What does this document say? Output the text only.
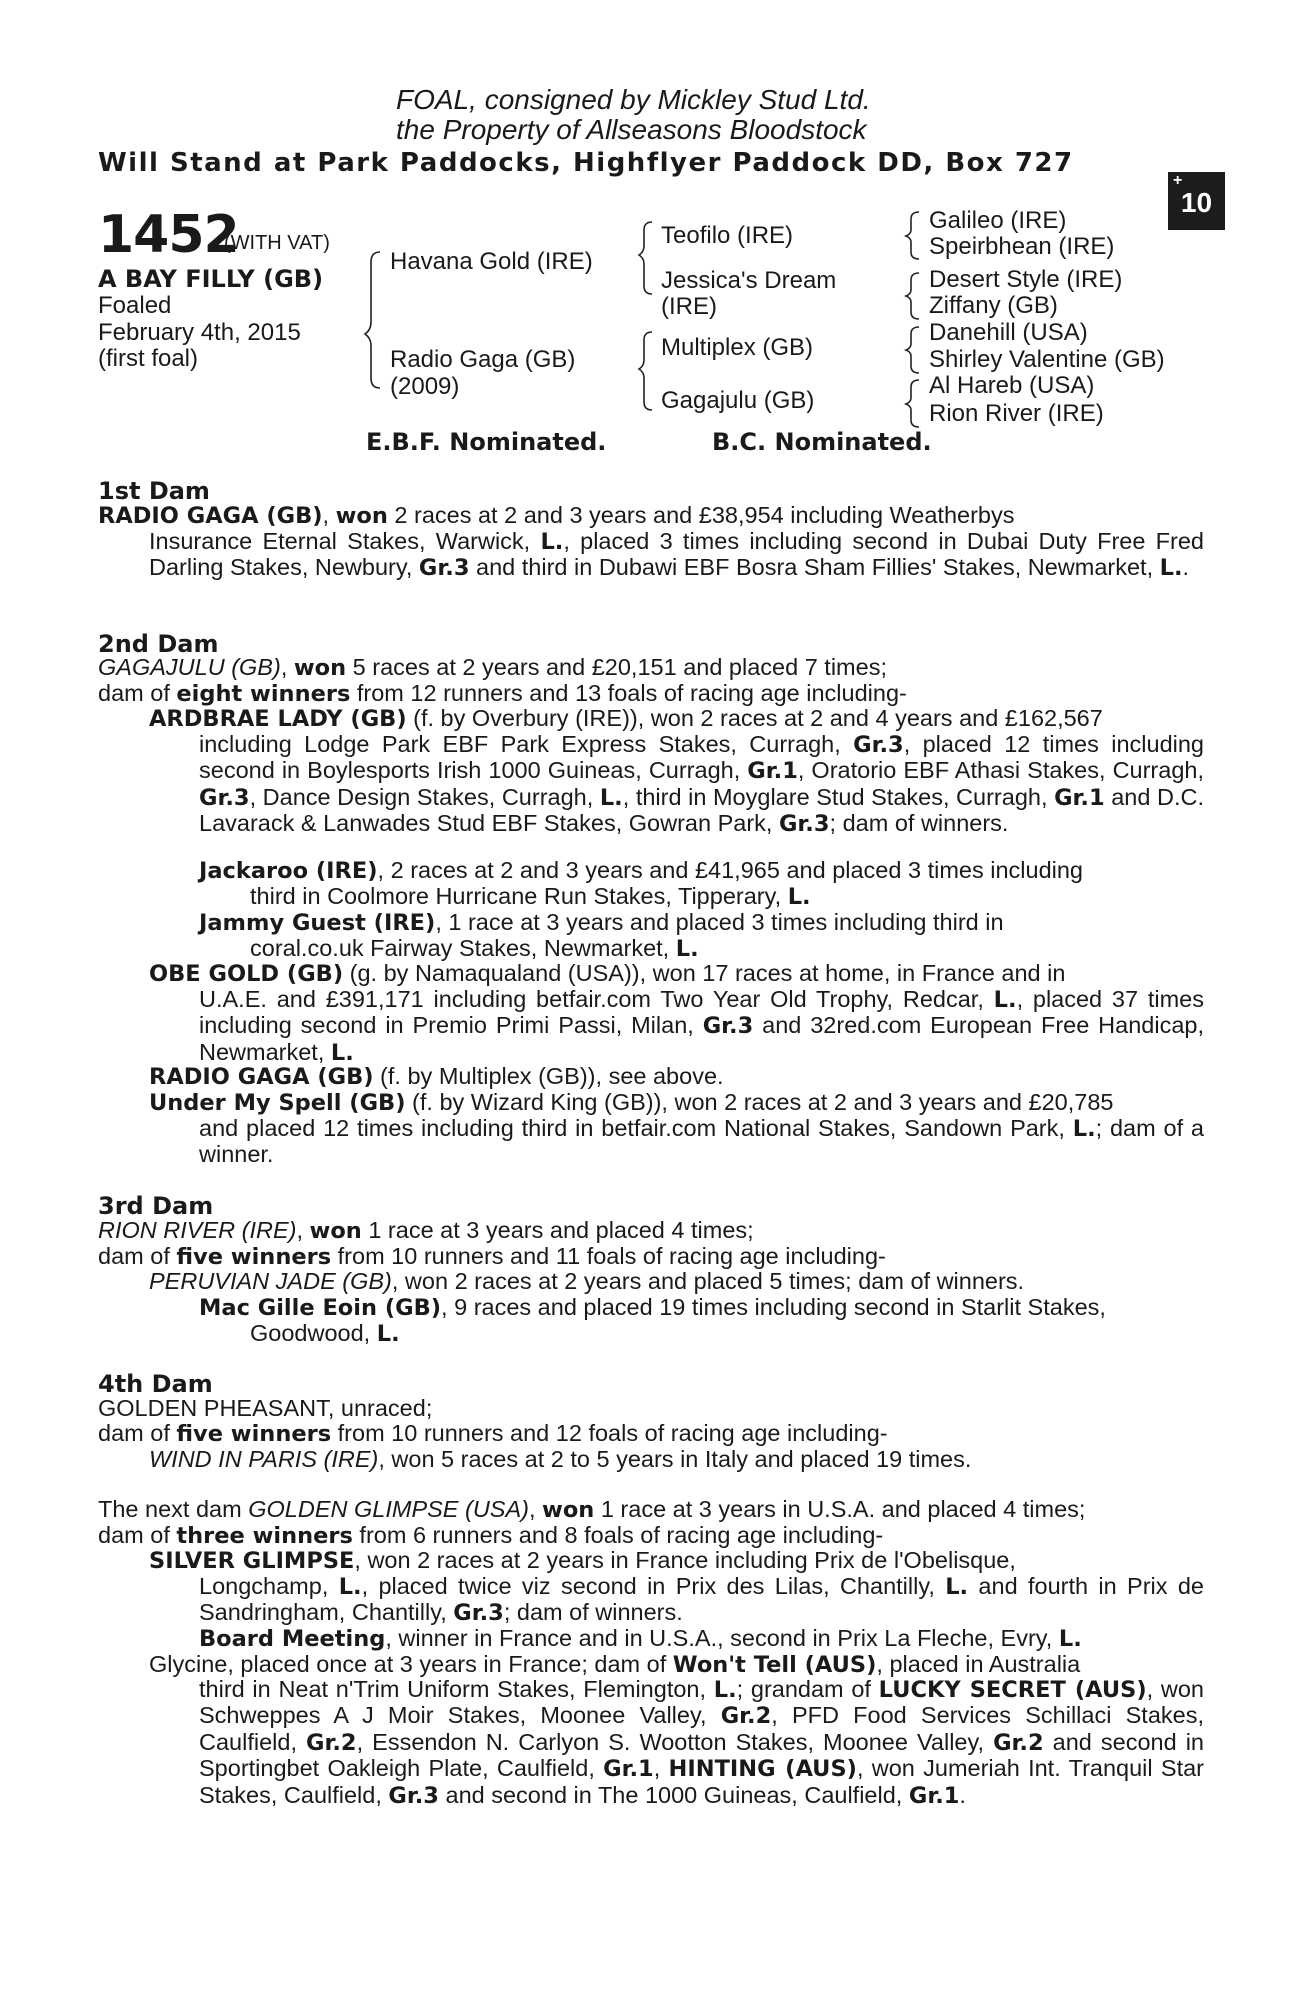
FOAL, consigned by Mickley Stud Ltd.
the Property of Allseasons Bloodstock
Will Stand at Park Paddocks, Highflyer Paddock DD, Box 727
+
10
1452
(WITH VAT)
A BAY FILLY (GB)
Foaled
February 4th, 2015
(first foal)
Havana Gold (IRE)
Radio Gaga (GB)
(2009)
Teofilo (IRE)
Jessica's Dream
(IRE)
Multiplex (GB)
Gagajulu (GB)
Galileo (IRE)
Speirbhean (IRE)
Desert Style (IRE)
Ziffany (GB)
Danehill (USA)
Shirley Valentine (GB)
Al Hareb (USA)
Rion River (IRE)
E.B.F. Nominated.	B.C. Nominated.
1st Dam
RADIO GAGA (GB), won 2 races at 2 and 3 years and £38,954 including Weatherbys
Insurance Eternal Stakes, Warwick, L., placed 3 times including second in Dubai Duty Free Fred Darling Stakes, Newbury, Gr.3 and third in Dubawi EBF Bosra Sham Fillies' Stakes, Newmarket, L..
2nd Dam
GAGAJULU (GB), won 5 races at 2 years and £20,151 and placed 7 times;
dam of eight winners from 12 runners and 13 foals of racing age including-
ARDBRAE LADY (GB) (f. by Overbury (IRE)), won 2 races at 2 and 4 years and £162,567
including Lodge Park EBF Park Express Stakes, Curragh, Gr.3, placed 12 times including second in Boylesports Irish 1000 Guineas, Curragh, Gr.1, Oratorio EBF Athasi Stakes, Curragh, Gr.3, Dance Design Stakes, Curragh, L., third in Moyglare Stud Stakes, Curragh, Gr.1 and D.C. Lavarack & Lanwades Stud EBF Stakes, Gowran Park, Gr.3; dam of winners.
Jackaroo (IRE), 2 races at 2 and 3 years and £41,965 and placed 3 times including
third in Coolmore Hurricane Run Stakes, Tipperary, L.
Jammy Guest (IRE), 1 race at 3 years and placed 3 times including third in
coral.co.uk Fairway Stakes, Newmarket, L.
OBE GOLD (GB) (g. by Namaqualand (USA)), won 17 races at home, in France and in
U.A.E. and £391,171 including betfair.com Two Year Old Trophy, Redcar, L., placed 37 times including second in Premio Primi Passi, Milan, Gr.3 and 32red.com European Free Handicap, Newmarket, L.
RADIO GAGA (GB) (f. by Multiplex (GB)), see above.
Under My Spell (GB) (f. by Wizard King (GB)), won 2 races at 2 and 3 years and £20,785
and placed 12 times including third in betfair.com National Stakes, Sandown Park, L.; dam of a winner.
3rd Dam
RION RIVER (IRE), won 1 race at 3 years and placed 4 times;
dam of five winners from 10 runners and 11 foals of racing age including-
PERUVIAN JADE (GB), won 2 races at 2 years and placed 5 times; dam of winners.
Mac Gille Eoin (GB), 9 races and placed 19 times including second in Starlit Stakes,
Goodwood, L.
4th Dam
GOLDEN PHEASANT, unraced;
dam of five winners from 10 runners and 12 foals of racing age including-
WIND IN PARIS (IRE), won 5 races at 2 to 5 years in Italy and placed 19 times.
The next dam GOLDEN GLIMPSE (USA), won 1 race at 3 years in U.S.A. and placed 4 times;
dam of three winners from 6 runners and 8 foals of racing age including-
SILVER GLIMPSE, won 2 races at 2 years in France including Prix de l'Obelisque,
Longchamp, L., placed twice viz second in Prix des Lilas, Chantilly, L. and fourth in Prix de Sandringham, Chantilly, Gr.3; dam of winners.
Board Meeting, winner in France and in U.S.A., second in Prix La Fleche, Evry, L.
Glycine, placed once at 3 years in France; dam of Won't Tell (AUS), placed in Australia
third in Neat n'Trim Uniform Stakes, Flemington, L.; grandam of LUCKY SECRET (AUS), won Schweppes A J Moir Stakes, Moonee Valley, Gr.2, PFD Food Services Schillaci Stakes, Caulfield, Gr.2, Essendon N. Carlyon S. Wootton Stakes, Moonee Valley, Gr.2 and second in Sportingbet Oakleigh Plate, Caulfield, Gr.1, HINTING (AUS), won Jumeriah Int. Tranquil Star Stakes, Caulfield, Gr.3 and second in The 1000 Guineas, Caulfield, Gr.1.
